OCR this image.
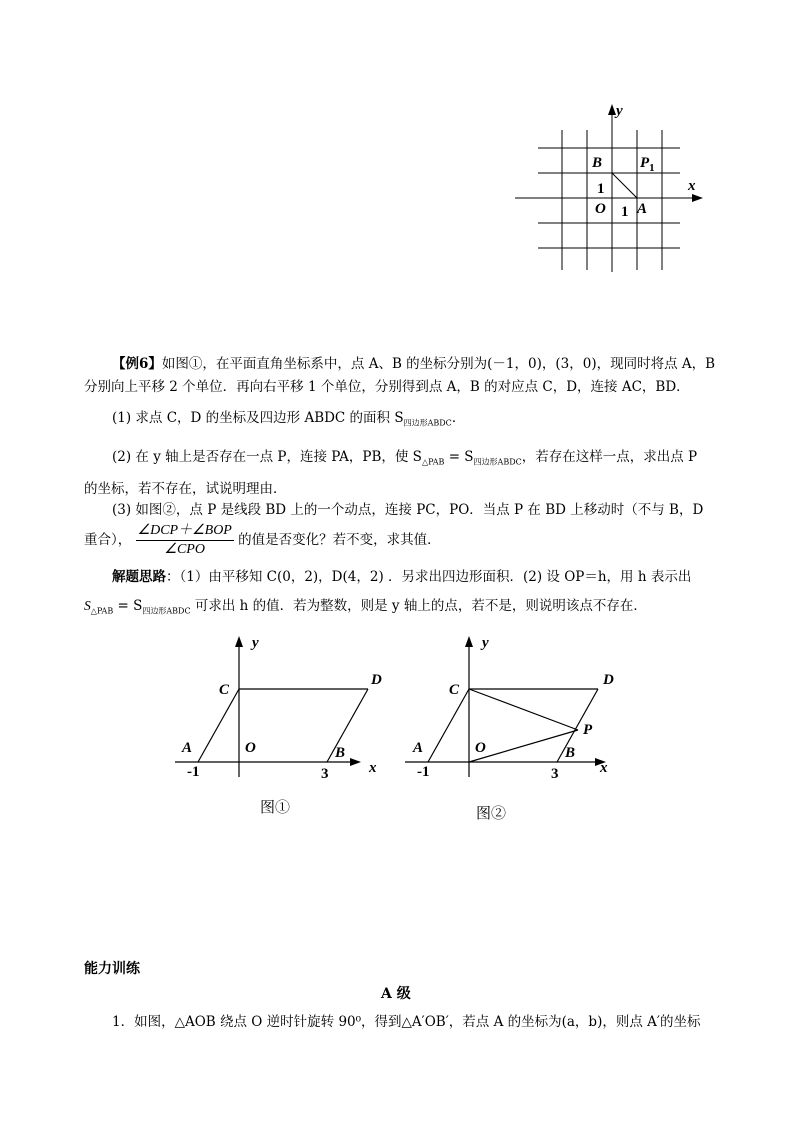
y
x
B	$P_1$
1
O 1 A
【例6】如图①，在平面直角坐标系中，点 A、B 的坐标分别为(－1，0)，(3，0)，现同时将点 A，B
分别向上平移 2 个单位．再向右平移 1 个单位，分别得到点 A，B 的对应点 C，D，连接 AC，BD．
(1) 求点 C，D 的坐标及四边形 ABDC 的面积 $S_{四边形ABDC}$．
(2) 在 y 轴上是否存在一点 P，连接 PA，PB，使 $S_{\triangle PAB} = S_{四边形ABDC}$，若存在这样一点，求出点 P
的坐标，若不存在，试说明理由．
(3) 如图②，点 P 是线段 BD 上的一个动点，连接 PC，PO．当点 P 在 BD 上移动时（不与 B，D
重合）， $\frac{\text{∠DCP＋∠BOP}}{\text{∠CPO}}$ 的值是否变化？若不变，求其值．
解题思路：（1）由平移知 C(0，2)，D(4，2) ．另求出四边形面积．(2) 设 OP＝h，用 h 表示出
$S_{\triangle PAB} = S_{四边形ABDC}$ 可求出 h 的值．若为整数，则是 y 轴上的点，若不是，则说明该点不存在．
y
C
D
A	O	B
x
-1	3
图①
y
C
D
P
A	O	B
x
-1	3
图②
能力训练
A 级
1．如图，△AOB 绕点 O 逆时针旋转 90⁰，得到△A′OB′，若点 A 的坐标为(a，b)，则点 A′的坐标
